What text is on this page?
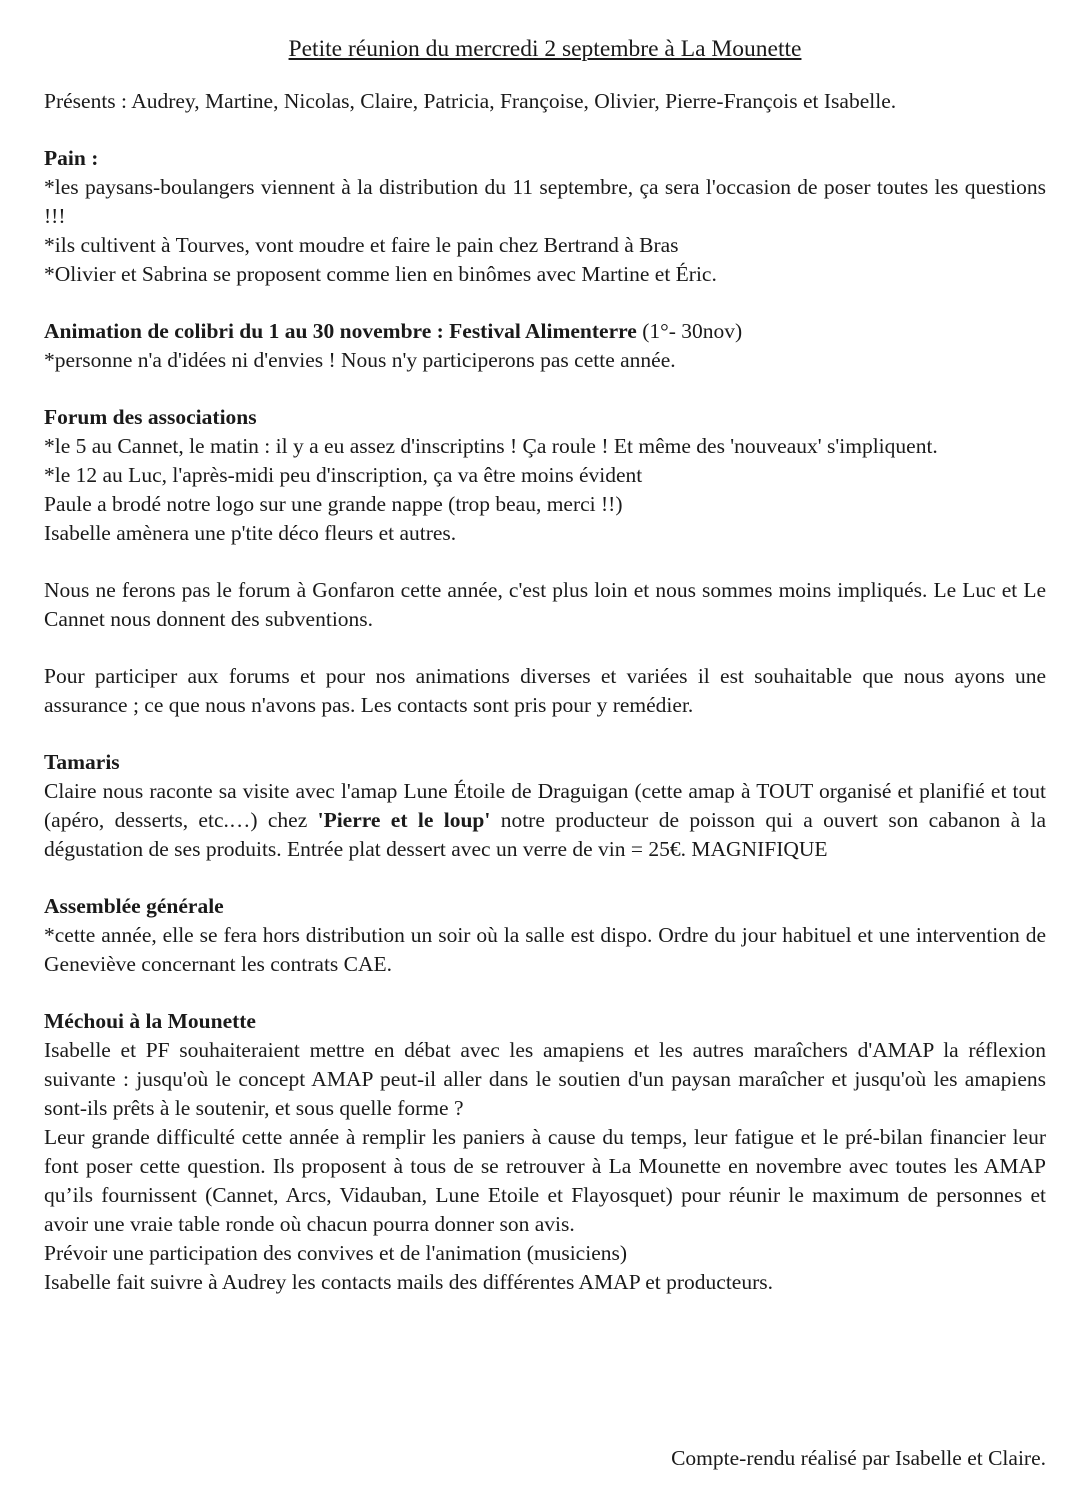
Petite réunion du mercredi 2 septembre à La Mounette

Présents : Audrey, Martine, Nicolas, Claire, Patricia, Françoise, Olivier, Pierre-François et Isabelle.

Pain :

*les paysans-boulangers viennent à la distribution du 11 septembre, ça sera l'occasion de poser toutes les questions !!!

*ils cultivent à Tourves, vont moudre et faire le pain chez Bertrand à Bras

*Olivier et Sabrina se proposent comme lien en binômes avec Martine et Éric.

Animation de colibri du 1 au 30 novembre : Festival Alimenterre (1°- 30nov)

*personne n'a d'idées ni d'envies ! Nous n'y participerons pas cette année.

Forum des associations

*le 5 au Cannet, le matin : il y a eu assez d'inscriptins ! Ça roule ! Et même des 'nouveaux' s'impliquent.

*le 12 au Luc, l'après-midi peu d'inscription, ça va être moins évident

Paule a brodé notre logo sur une grande nappe (trop beau, merci !!)

Isabelle amènera une p'tite déco fleurs et autres.

Nous ne ferons pas le forum à Gonfaron cette année, c'est plus loin et nous sommes moins impliqués. Le Luc et Le Cannet nous donnent des subventions.

Pour participer aux forums et pour nos animations diverses et variées il est souhaitable que nous ayons une assurance ; ce que nous n'avons pas. Les contacts sont pris pour y remédier.

Tamaris

Claire nous raconte sa visite avec l'amap Lune Étoile de Draguigan (cette amap à TOUT organisé et planifié et tout (apéro, desserts, etc.…) chez 'Pierre et le loup' notre producteur de poisson qui a ouvert son cabanon à la dégustation de ses produits. Entrée plat dessert avec un verre de vin = 25€. MAGNIFIQUE

Assemblée générale

*cette année, elle se fera hors distribution un soir où la salle est dispo. Ordre du jour habituel et une intervention de Geneviève concernant les contrats CAE.

Méchoui à la Mounette

Isabelle et PF souhaiteraient mettre en débat avec les amapiens et les autres maraîchers d'AMAP la réflexion suivante : jusqu'où le concept AMAP peut-il aller dans le soutien d'un paysan maraîcher et jusqu'où les amapiens sont-ils prêts à le soutenir, et sous quelle forme ?

Leur grande difficulté cette année à remplir les paniers à cause du temps, leur fatigue et le pré-bilan financier leur font poser cette question. Ils proposent à tous de se retrouver à La Mounette en novembre avec toutes les AMAP qu’ils fournissent (Cannet, Arcs, Vidauban, Lune Etoile et Flayosquet) pour réunir le maximum de personnes et avoir une vraie table ronde où chacun pourra donner son avis.

Prévoir une participation des convives et de l'animation (musiciens)

Isabelle fait suivre à Audrey les contacts mails des différentes AMAP et producteurs.

Compte-rendu réalisé par Isabelle et Claire.
